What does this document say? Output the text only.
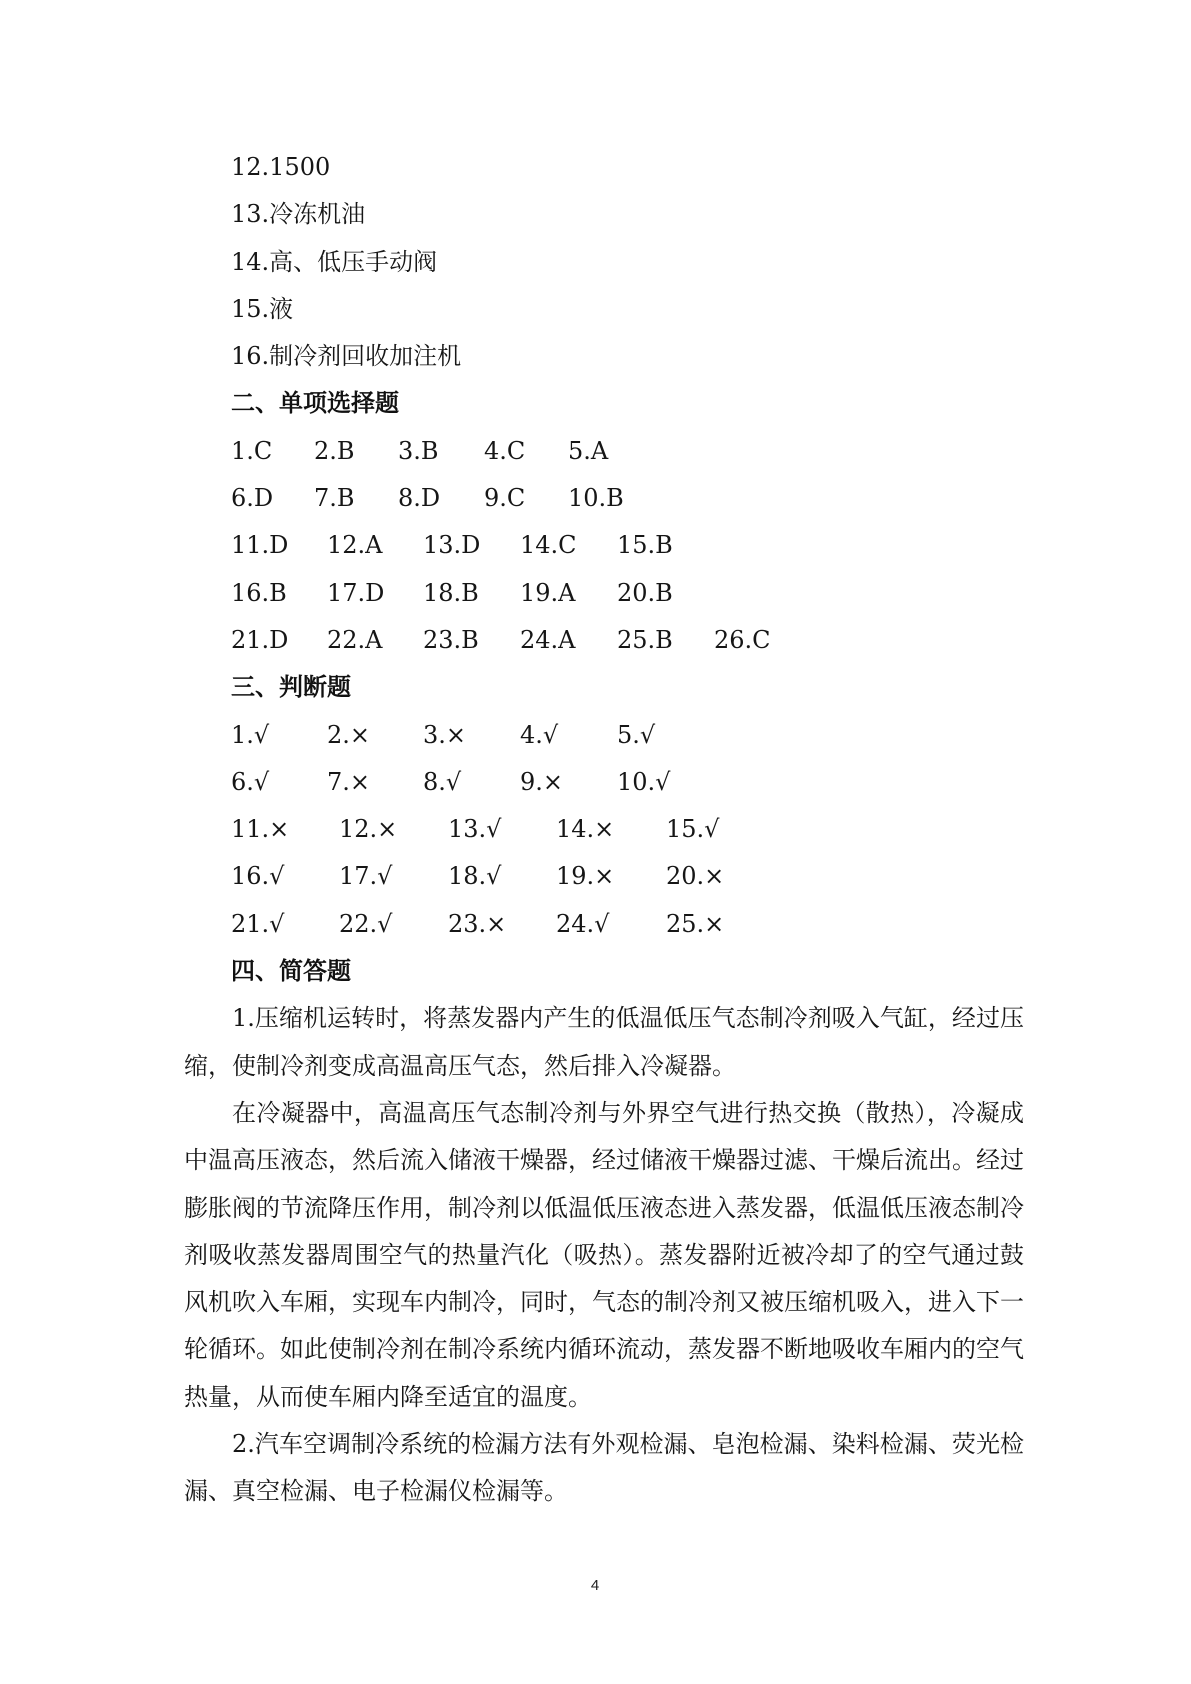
12.1500
13.冷冻机油
14.高、低压手动阀
15.液
16.制冷剂回收加注机
二、单项选择题
1.C 2.B 3.B 4.C 5.A
6.D 7.B 8.D 9.C 10.B
11.D 12.A 13.D 14.C 15.B
16.B 17.D 18.B 19.A 20.B
21.D 22.A 23.B 24.A 25.B 26.C
三、判断题
1.√ 2.× 3.× 4.√ 5.√
6.√ 7.× 8.√ 9.× 10.√
11.× 12.× 13.√ 14.× 15.√
16.√ 17.√ 18.√ 19.× 20.×
21.√ 22.√ 23.× 24.√ 25.×
四、简答题
1.压缩机运转时，将蒸发器内产生的低温低压气态制冷剂吸入气缸，经过压
缩，使制冷剂变成高温高压气态，然后排入冷凝器。
在冷凝器中，高温高压气态制冷剂与外界空气进行热交换（散热），冷凝成
中温高压液态，然后流入储液干燥器，经过储液干燥器过滤、干燥后流出。经过
膨胀阀的节流降压作用，制冷剂以低温低压液态进入蒸发器，低温低压液态制冷
剂吸收蒸发器周围空气的热量汽化（吸热）。蒸发器附近被冷却了的空气通过鼓
风机吹入车厢，实现车内制冷，同时，气态的制冷剂又被压缩机吸入，进入下一
轮循环。如此使制冷剂在制冷系统内循环流动，蒸发器不断地吸收车厢内的空气
热量，从而使车厢内降至适宜的温度。
2.汽车空调制冷系统的检漏方法有外观检漏、皂泡检漏、染料检漏、荧光检
漏、真空检漏、电子检漏仪检漏等。
4
